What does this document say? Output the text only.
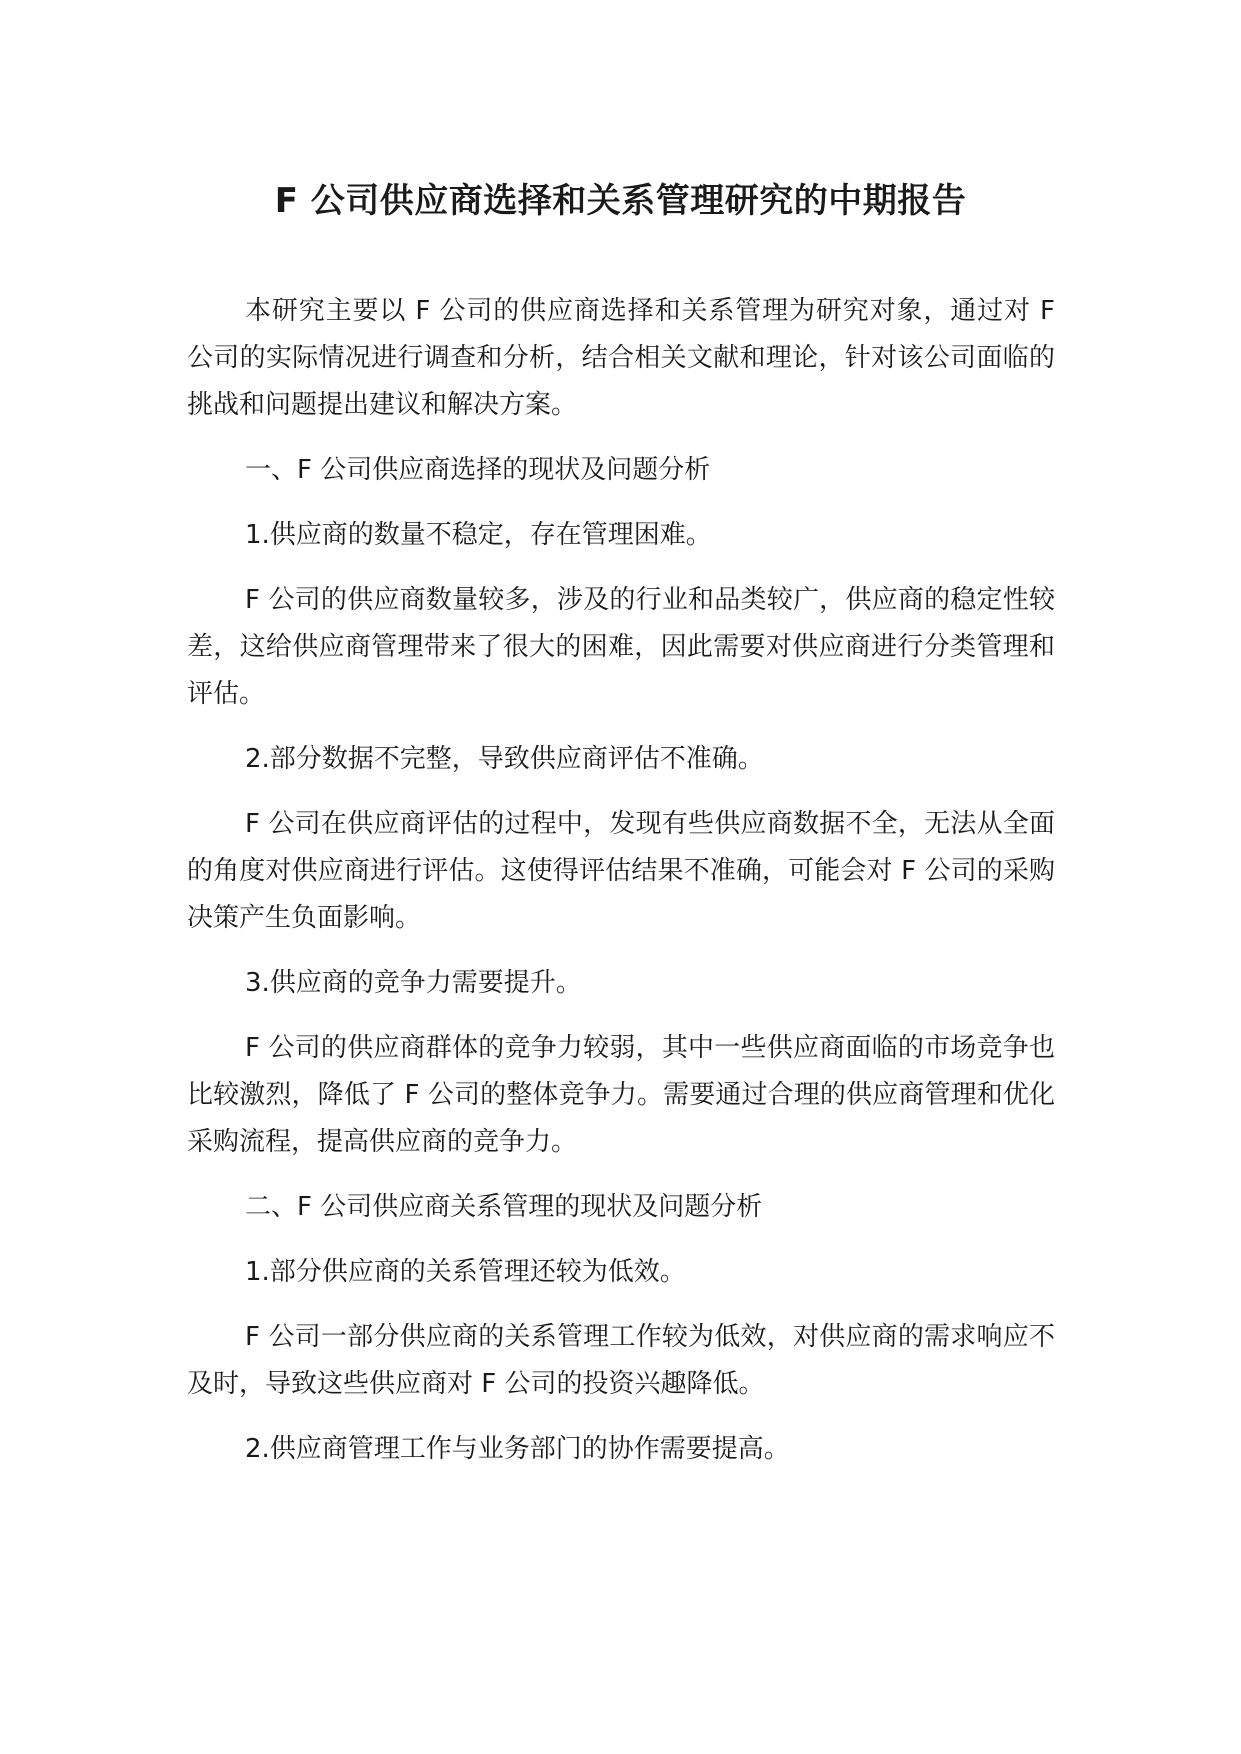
F 公司供应商选择和关系管理研究的中期报告

本研究主要以 F 公司的供应商选择和关系管理为研究对象，通过对 F 公司的实际情况进行调查和分析，结合相关文献和理论，针对该公司面临的挑战和问题提出建议和解决方案。

一、F 公司供应商选择的现状及问题分析

1.供应商的数量不稳定，存在管理困难。

F 公司的供应商数量较多，涉及的行业和品类较广，供应商的稳定性较差，这给供应商管理带来了很大的困难，因此需要对供应商进行分类管理和评估。

2.部分数据不完整，导致供应商评估不准确。

F 公司在供应商评估的过程中，发现有些供应商数据不全，无法从全面的角度对供应商进行评估。这使得评估结果不准确，可能会对 F 公司的采购决策产生负面影响。

3.供应商的竞争力需要提升。

F 公司的供应商群体的竞争力较弱，其中一些供应商面临的市场竞争也比较激烈，降低了 F 公司的整体竞争力。需要通过合理的供应商管理和优化采购流程，提高供应商的竞争力。

二、F 公司供应商关系管理的现状及问题分析

1.部分供应商的关系管理还较为低效。

F 公司一部分供应商的关系管理工作较为低效，对供应商的需求响应不及时，导致这些供应商对 F 公司的投资兴趣降低。

2.供应商管理工作与业务部门的协作需要提高。
